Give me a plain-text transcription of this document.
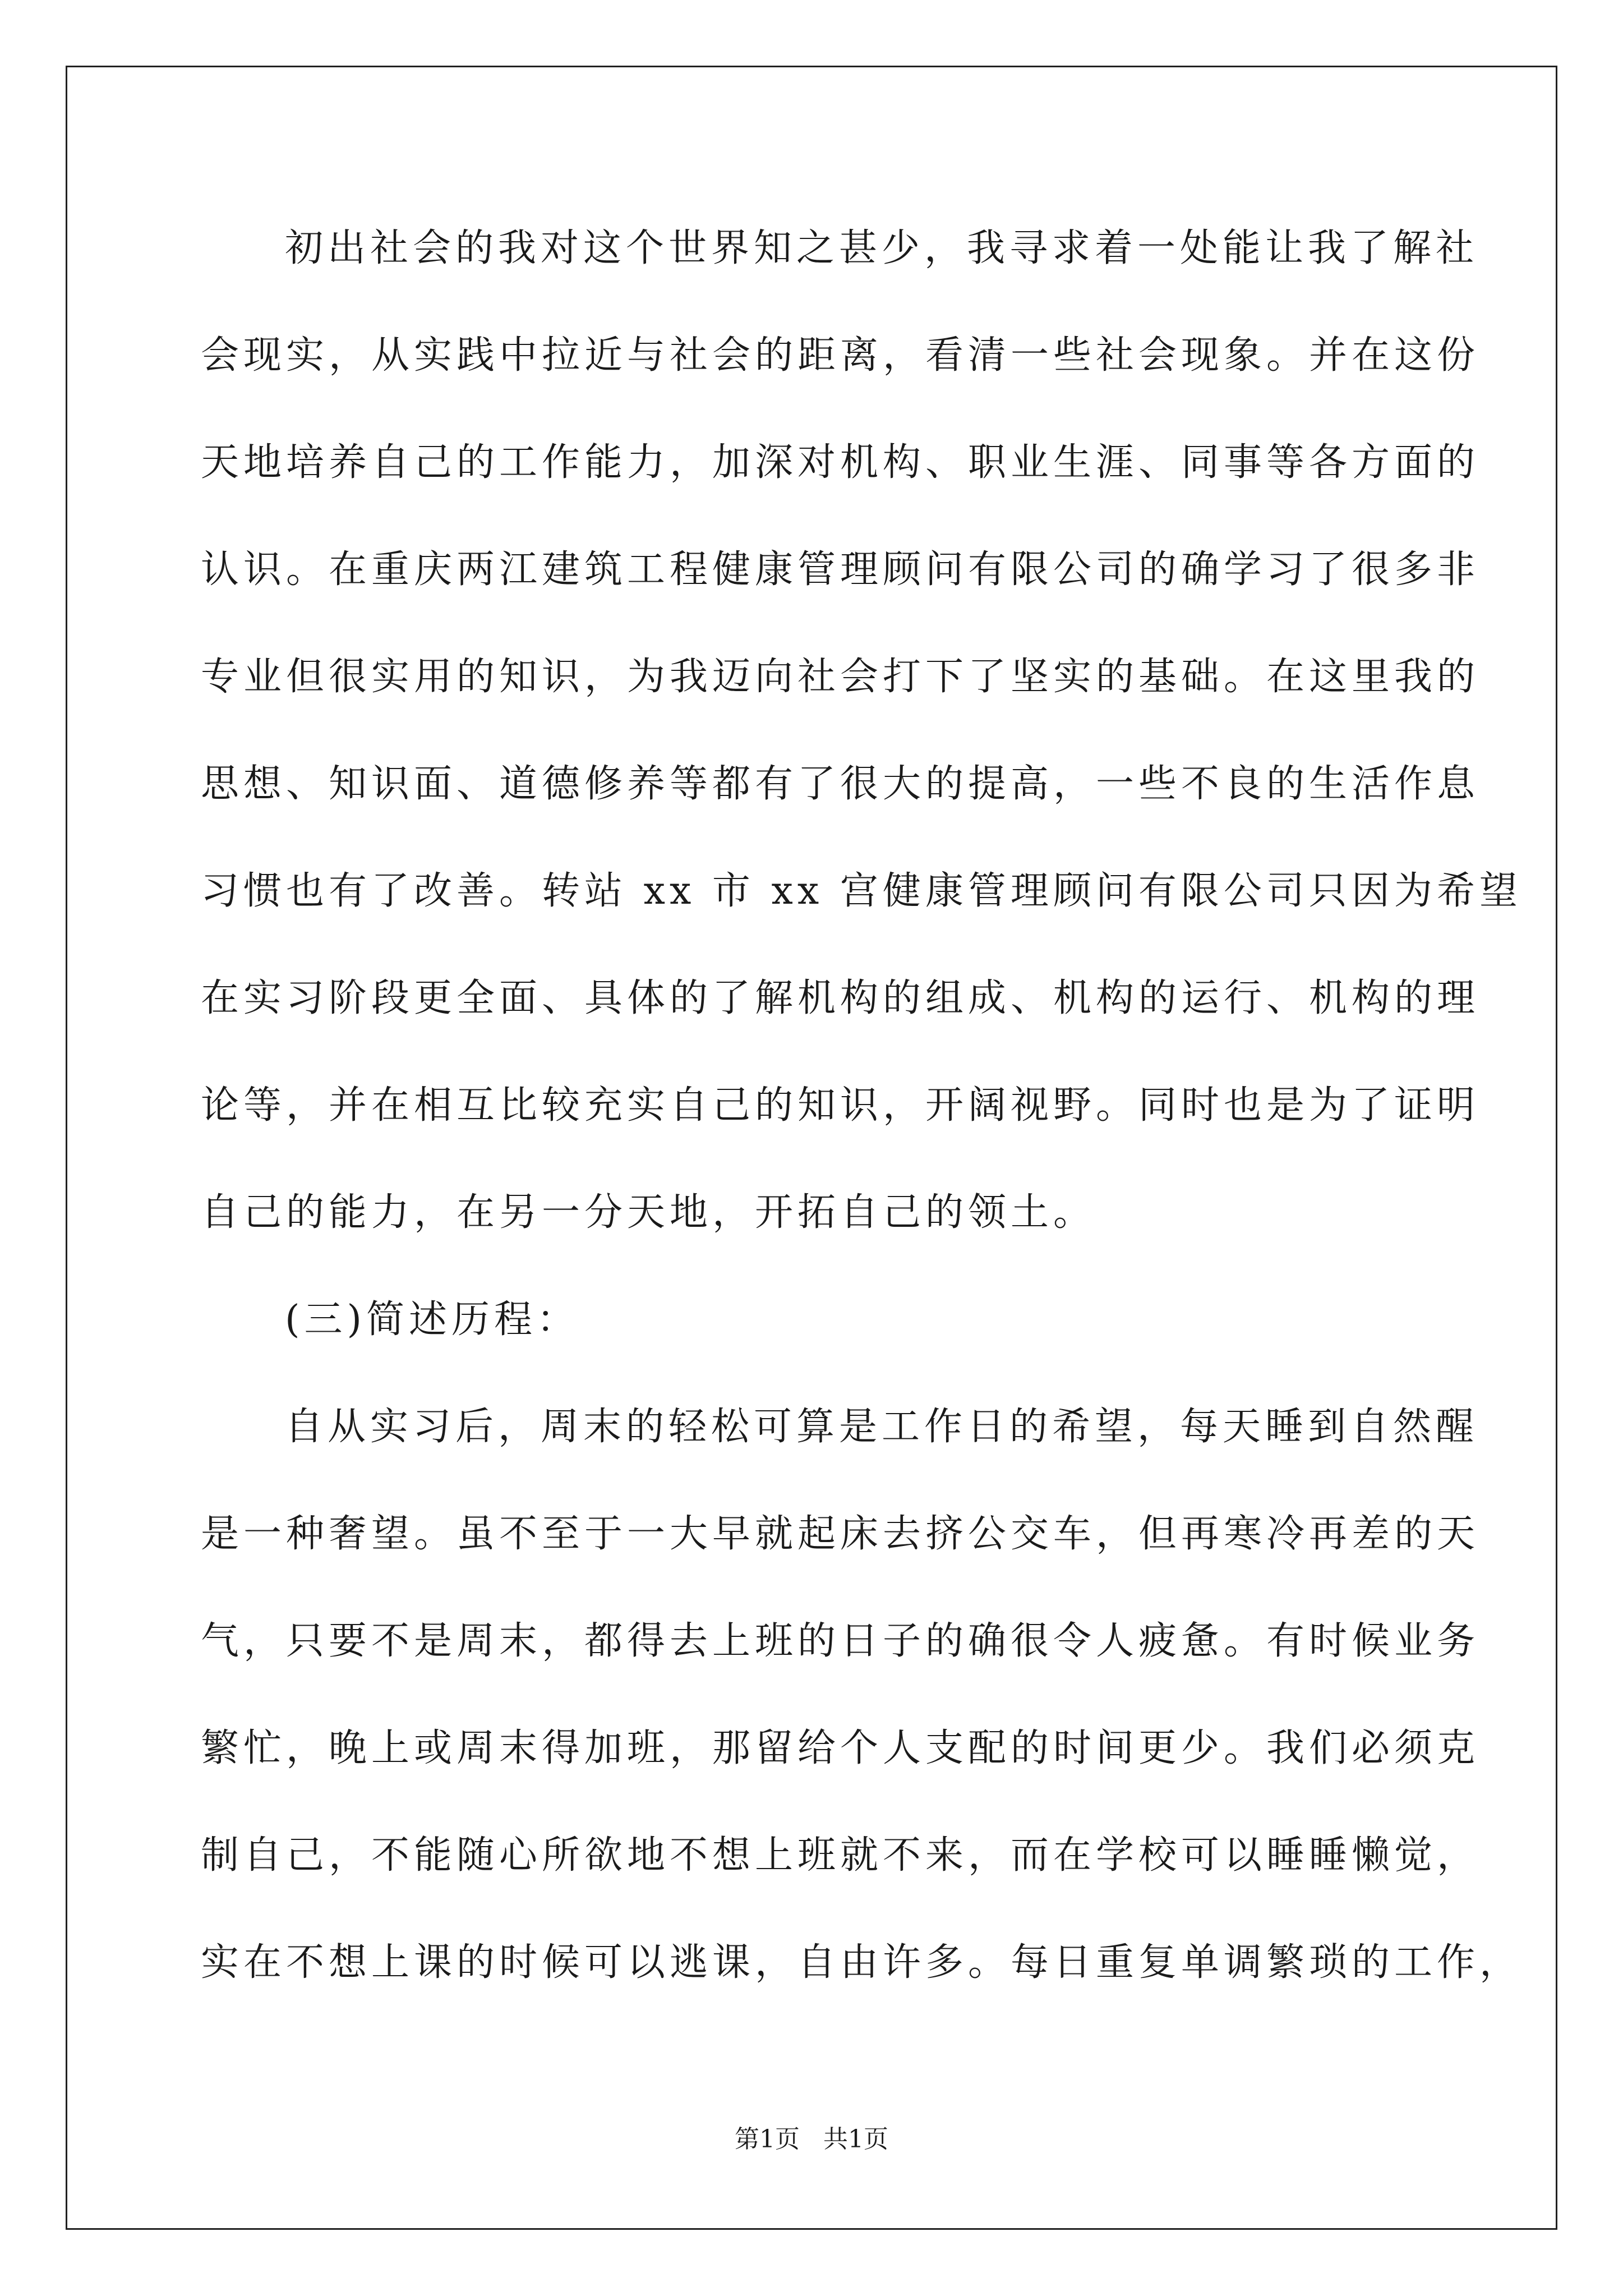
初出社会的我对这个世界知之甚少，我寻求着一处能让我了解社
会现实，从实践中拉近与社会的距离，看清一些社会现象。并在这份
天地培养自己的工作能力，加深对机构、职业生涯、同事等各方面的
认识。在重庆两江建筑工程健康管理顾问有限公司的确学习了很多非
专业但很实用的知识，为我迈向社会打下了坚实的基础。在这里我的
思想、知识面、道德修养等都有了很大的提高，一些不良的生活作息
习惯也有了改善。转站 xx 市 xx 宫健康管理顾问有限公司只因为希望
在实习阶段更全面、具体的了解机构的组成、机构的运行、机构的理
论等，并在相互比较充实自己的知识，开阔视野。同时也是为了证明
自己的能力，在另一分天地，开拓自己的领土。
(三)简述历程：
自从实习后，周末的轻松可算是工作日的希望，每天睡到自然醒
是一种奢望。虽不至于一大早就起床去挤公交车，但再寒冷再差的天
气，只要不是周末，都得去上班的日子的确很令人疲惫。有时候业务
繁忙，晚上或周末得加班，那留给个人支配的时间更少。我们必须克
制自己，不能随心所欲地不想上班就不来，而在学校可以睡睡懒觉，
实在不想上课的时候可以逃课，自由许多。每日重复单调繁琐的工作，
第1页 共1页
